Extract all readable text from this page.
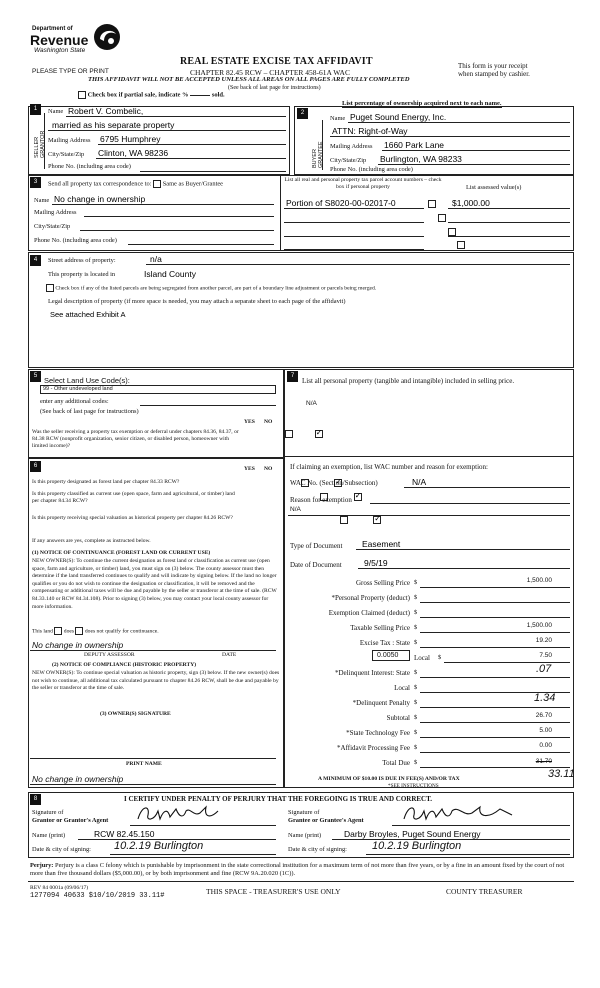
Department of
Revenue
Washington State
PLEASE TYPE OR PRINT
REAL ESTATE EXCISE TAX AFFIDAVIT
CHAPTER 82.45 RCW – CHAPTER 458-61A WAC
THIS AFFIDAVIT WILL NOT BE ACCEPTED UNLESS ALL AREAS ON ALL PAGES ARE FULLY COMPLETED
(See back of last page for instructions)
This form is your receipt
when stamped by cashier.
Check box if partial sale, indicate %	sold.
List percentage of ownership acquired next to each name.
1
SELLER GRANTOR
Name Robert V. Combelic,
married as his separate property
Mailing Address 6795 Humphrey
City/State/Zip Clinton, WA 98236
Phone No. (including area code)
2
BUYER GRANTEE
Name Puget Sound Energy, Inc.
ATTN: Right-of-Way
Mailing Address 1660 Park Lane
City/State/Zip Burlington, WA 98233
Phone No. (including area code)
3	Send all property tax correspondence to: Same as Buyer/Grantee
Name No change in ownership
Mailing Address
City/State/Zip
Phone No. (including area code)
List all real and personal property tax parcel account numbers – check box if personal property	List assessed value(s)
Portion of S8020-00-02017-0	$1,000.00

4	Street address of property:	n/a
This property is located in	Island County
Check box if any of the listed parcels are being segregated from another parcel, are part of a boundary line adjustment or parcels being merged.
Legal description of property (if more space is needed, you may attach a separate sheet to each page of the affidavit)
See attached Exhibit A
5 Select Land Use Code(s):
99 - Other undeveloped land
enter any additional codes:
(See back of last page for instructions)
YES NO
Was the seller receiving a property tax exemption or deferral under chapters 84.36, 84.37, or 84.38 RCW (nonprofit organization, senior citizen, or disabled person, homeowner with limited income)?
✓
6	YES NO
Is this property designated as forest land per chapter 84.33 RCW?
✓
Is this property classified as current use (open space, farm and agricultural, or timber) land per chapter 84.34 RCW?
✓
Is this property receiving special valuation as historical property per chapter 84.26 RCW?
✓
If any answers are yes, complete as instructed below.
(1) NOTICE OF CONTINUANCE (FOREST LAND OR CURRENT USE)
NEW OWNER(S): To continue the current designation as forest land or classification as current use (open space, farm and agriculture, or timber) land, you must sign on (3) below. The county assessor must then determine if the land transferred continues to qualify and will indicate by signing below. If the land no longer qualifies or you do not wish to continue the designation or classification, it will be removed and the compensating or additional taxes will be due and payable by the seller or transferor at the time of sale. (RCW 84.33.140 or RCW 84.34.108). Prior to signing (3) below, you may contact your local county assessor for more information.
This land does does not qualify for continuance.
No change in ownership
DEPUTY ASSESSOR	DATE
(2) NOTICE OF COMPLIANCE (HISTORIC PROPERTY)
NEW OWNER(S): To continue special valuation as historic property, sign (3) below. If the new owner(s) does not wish to continue, all additional tax calculated pursuant to chapter 84.26 RCW, shall be due and payable by the seller or transferor at the time of sale.
(3) OWNER(S) SIGNATURE
PRINT NAME
No change in ownership
7
List all personal property (tangible and intangible) included in selling price.
N/A
If claiming an exemption, list WAC number and reason for exemption:
WAC No. (Section/Subsection)	N/A
Reason for exemption
N/A
Type of Document Easement
Date of Document	9/5/19
Gross Selling Price $	1,500.00
*Personal Property (deduct) $
Exemption Claimed (deduct) $
Taxable Selling Price $	1,500.00
Excise Tax : State $	19.20
0.0050 Local $	7.50
*Delinquent Interest: State $	.07
Local $
*Delinquent Penalty $	1.34
Subtotal $	26.70
*State Technology Fee $	5.00
*Affidavit Processing Fee $	0.00
Total Due $	31.70
33.11
A MINIMUM OF $10.00 IS DUE IN FEE(S) AND/OR TAX
*SEE INSTRUCTIONS
8	I CERTIFY UNDER PENALTY OF PERJURY THAT THE FOREGOING IS TRUE AND CORRECT.
Signature of
Grantor or Grantor's Agent
Name (print)	RCW 82.45.150
Date & city of signing: 10.2.19 Burlington
Signature of
Grantee or Grantee's Agent
Name (print)	Darby Broyles, Puget Sound Energy
Date & city of signing: 10.2.19 Burlington
Perjury: Perjury is a class C felony which is punishable by imprisonment in the state correctional institution for a maximum term of not more than five years, or by a fine in an amount fixed by the court of not more than five thousand dollars ($5,000.00), or by both imprisonment and fine (RCW 9A.20.020 (1C)).
REV 84 0001a (09/06/17)
1277094 40633 $10/10/2019 33.11#	THIS SPACE - TREASURER'S USE ONLY	COUNTY TREASURER
